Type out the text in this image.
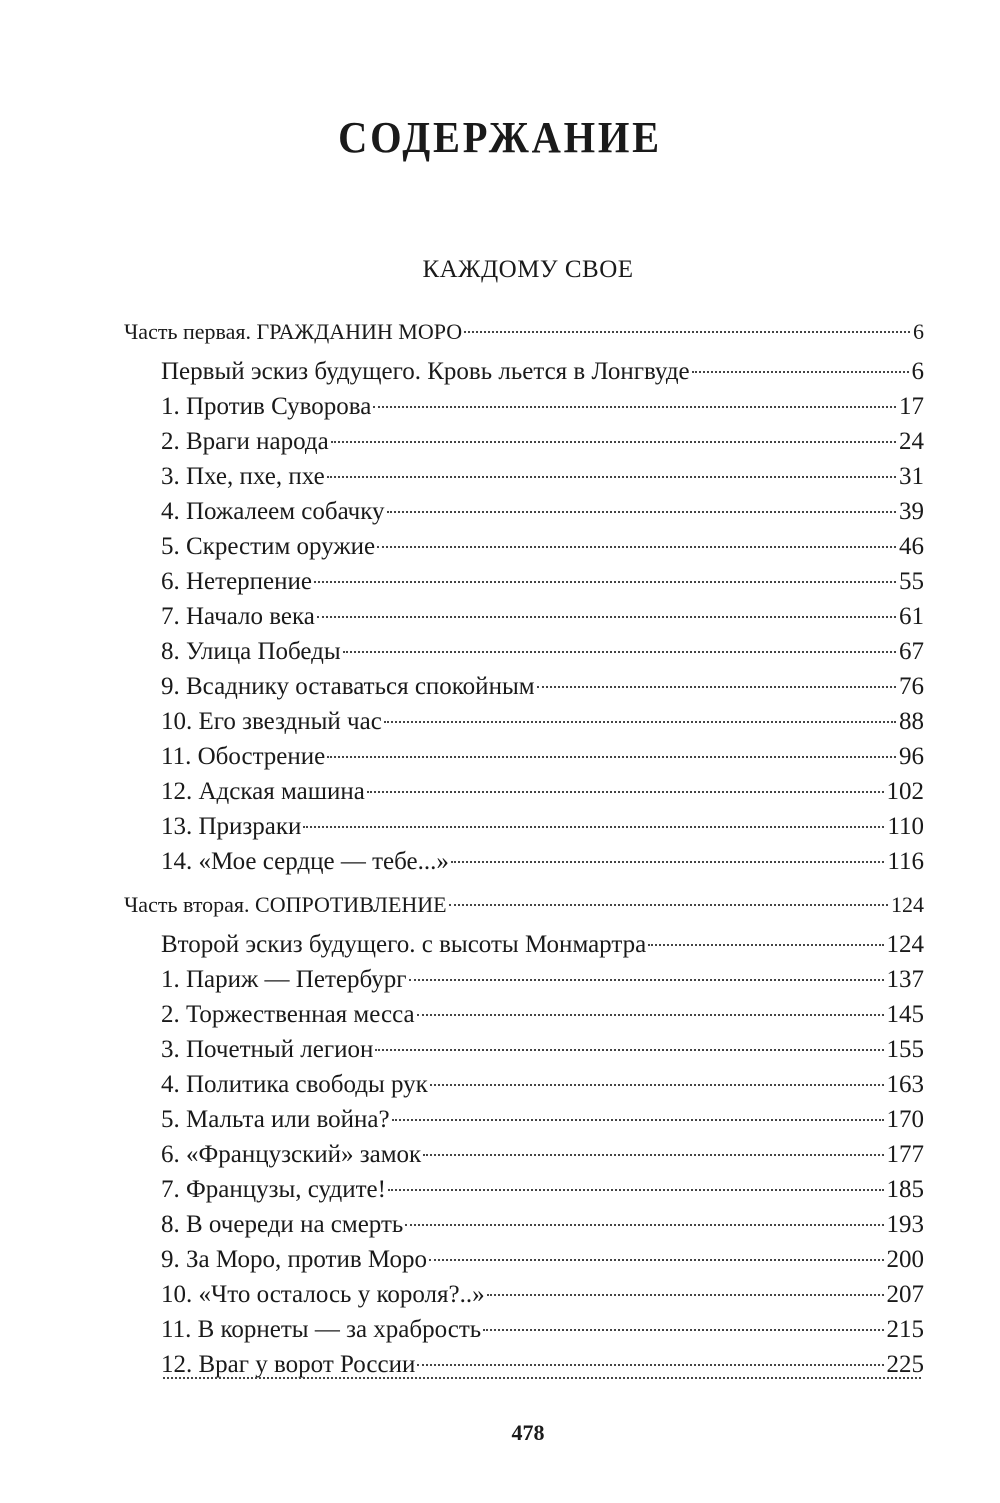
СОДЕРЖАНИЕ
КАЖДОМУ СВОЕ
Часть первая. ГРАЖДАНИН МОРО	6
Первый эскиз будущего. Кровь льется в Лонгвуде	6
1. Против Суворова	17
2. Враги народа	24
3. Пхе, пхе, пхе	31
4. Пожалеем собачку	39
5. Скрестим оружие	46
6. Нетерпение	55
7. Начало века	61
8. Улица Победы	67
9. Всаднику оставаться спокойным	76
10. Его звездный час	88
11. Обострение	96
12. Адская машина	102
13. Призраки	110
14. «Мое сердце — тебе...»	116
Часть вторая. СОПРОТИВЛЕНИЕ	124
Второй эскиз будущего. с высоты Монмартра	124
1. Париж — Петербург	137
2. Торжественная месса	145
3. Почетный легион	155
4. Политика свободы рук	163
5. Мальта или война?	170
6. «Французский» замок	177
7. Французы, судите!	185
8. В очереди на смерть	193
9. За Моро, против Моро	200
10. «Что осталось у короля?..»	207
11. В корнеты — за храбрость	215
12. Враг у ворот России	225
478
